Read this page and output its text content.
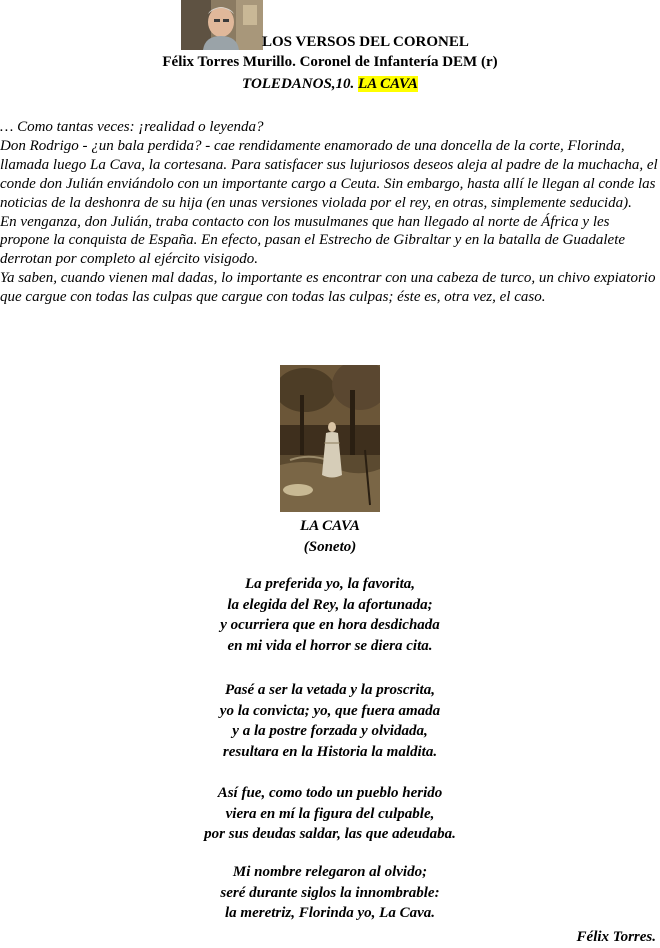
LOS VERSOS DEL CORONEL
Félix Torres Murillo. Coronel de Infantería DEM (r)
TOLEDANOS,10. LA CAVA

… Como tantas veces: ¡realidad o leyenda?

Don Rodrigo - ¿un bala perdida? - cae rendidamente enamorado de una doncella de la corte, Florinda, llamada luego La Cava, la cortesana. Para satisfacer sus lujuriosos deseos aleja al padre de la muchacha, el conde don Julián enviándolo con un importante cargo a Ceuta. Sin embargo, hasta allí le llegan al conde las noticias de la deshonra de su hija (en unas versiones violada por el rey, en otras, simplemente seducida).

En venganza, don Julián, traba contacto con los musulmanes que han llegado al norte de África y les propone la conquista de España. En efecto, pasan el Estrecho de Gibraltar y en la batalla de Guadalete derrotan por completo al ejército visigodo.

Ya saben, cuando vienen mal dadas, lo importante es encontrar con una cabeza de turco, un chivo expiatorio que cargue con todas las culpas que cargue con todas las culpas; éste es, otra vez, el caso.

LA CAVA
(Soneto)
La preferida yo, la favorita,
la elegida del Rey, la afortunada;
y ocurriera que en hora desdichada
en mi vida el horror se diera cita.
Pasé a ser la vetada y la proscrita,
yo la convicta; yo, que fuera amada
y a la postre forzada y olvidada,
resultara en la Historia la maldita.
Así fue, como todo un pueblo herido
viera en mí la figura del culpable,
por sus deudas saldar, las que adeudaba.
Mi nombre relegaron al olvido;
seré durante siglos la innombrable:
la meretriz, Florinda yo, La Cava.
Félix Torres.
